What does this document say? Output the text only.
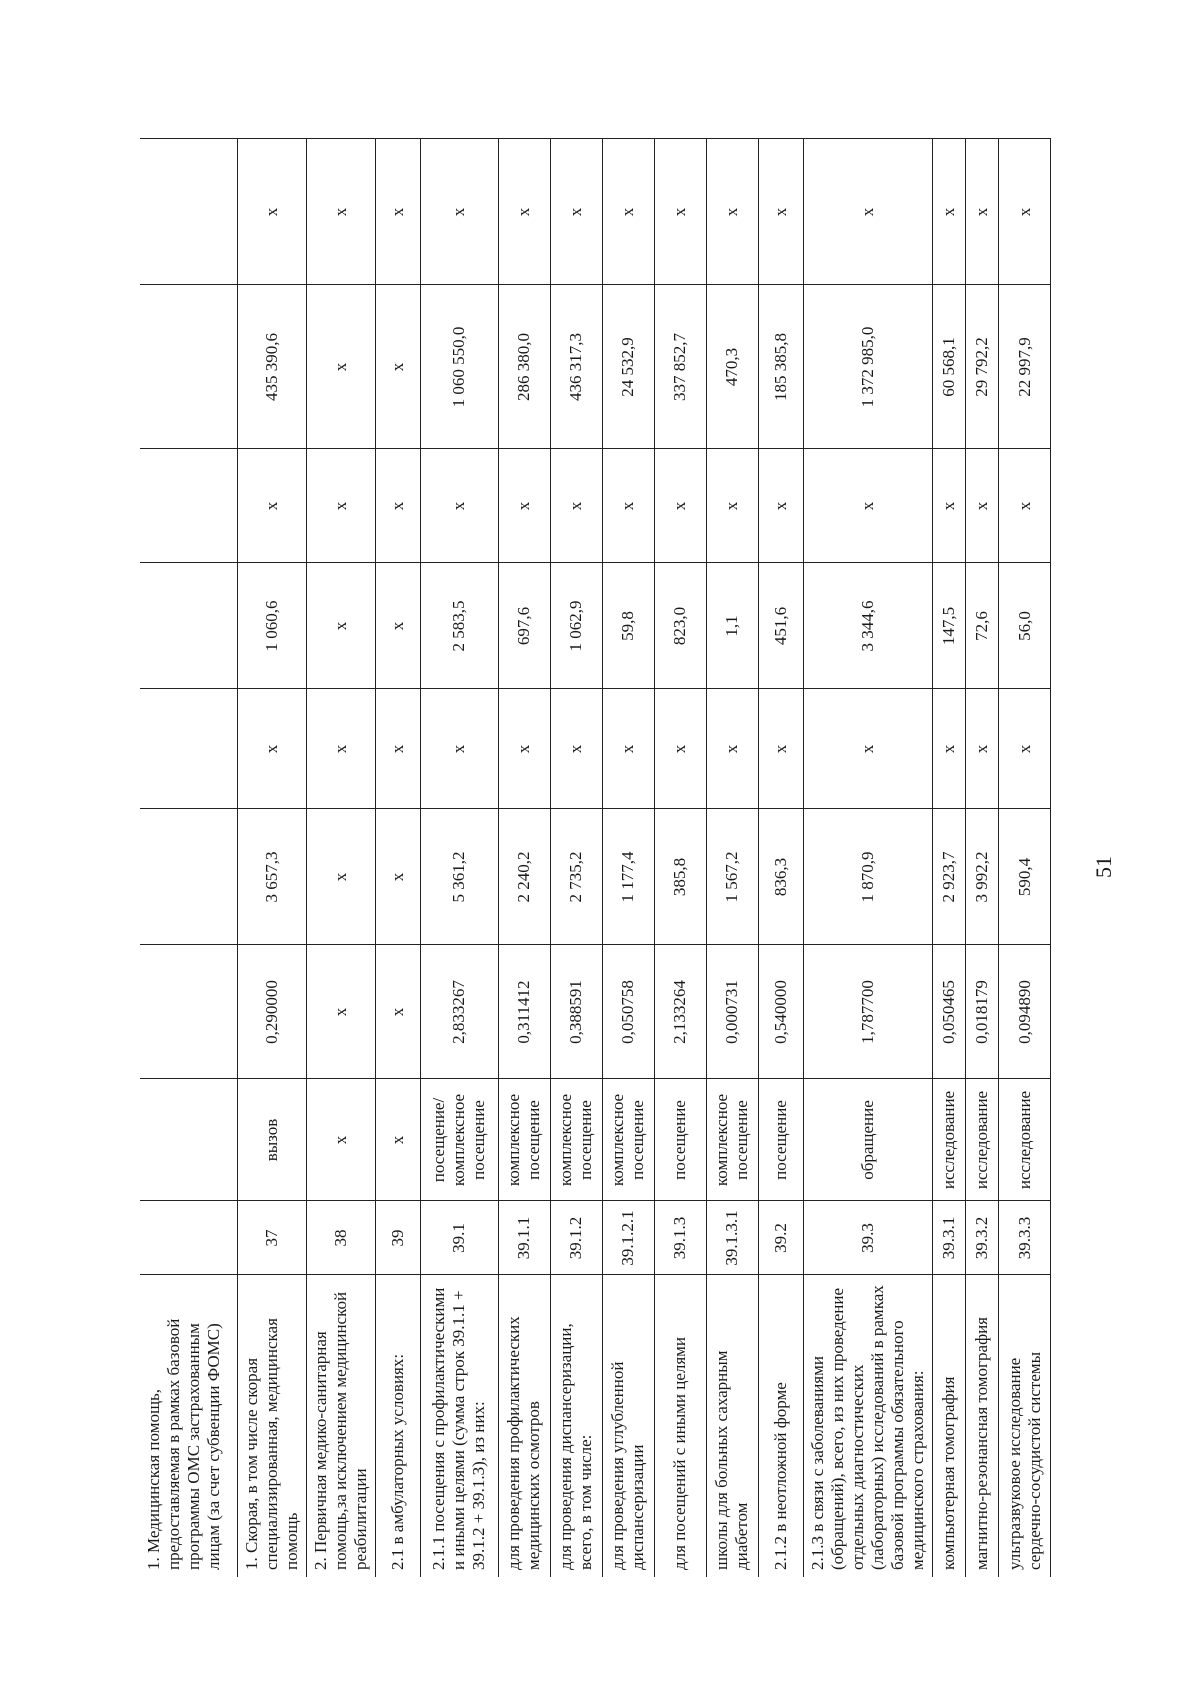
1. Медицинская помощь, предоставляемая в рамках базовой программы ОМС застрахованным лицам (за счет субвенции ФОМС)									
1. Скорая, в том числе скорая специализированная, медицинская помощь	37	вызов	0,290000	3 657,3	х	1 060,6	х	435 390,6	х
2. Первичная медико-санитарная помощь,за исключением медицинской реабилитации	38	х	х	х	х	х	х	х	х
2.1 в амбулаторных условиях:	39	х	х	х	х	х	х	х	х
2.1.1 посещения с профилактическими и иными целями (сумма строк 39.1.1 + 39.1.2 + 39.1.3), из них:	39.1	посещение/ комплексное посещение	2,833267	5 361,2	х	2 583,5	х	1 060 550,0	х
для проведения профилактических медицинских осмотров	39.1.1	комплексное посещение	0,311412	2 240,2	х	697,6	х	286 380,0	х
для проведения диспансеризации, всего, в том числе:	39.1.2	комплексное посещение	0,388591	2 735,2	х	1 062,9	х	436 317,3	х
для проведения углубленной диспансеризации	39.1.2.1	комплексное посещение	0,050758	1 177,4	х	59,8	х	24 532,9	х
для посещений с иными целями	39.1.3	посещение	2,133264	385,8	х	823,0	х	337 852,7	х
школы для больных сахарным диабетом	39.1.3.1	комплексное посещение	0,000731	1 567,2	х	1,1	х	470,3	х
2.1.2 в неотложной форме	39.2	посещение	0,540000	836,3	х	451,6	х	185 385,8	х
2.1.3 в связи с заболеваниями (обращений), всего, из них проведение отдельных диагностических (лабораторных) исследований в рамках базовой программы обязательного медицинского страхования:	39.3	обращение	1,787700	1 870,9	х	3 344,6	х	1 372 985,0	х
компьютерная томография	39.3.1	исследование	0,050465	2 923,7	х	147,5	х	60 568,1	х
магнитно-резонансная томография	39.3.2	исследование	0,018179	3 992,2	х	72,6	х	29 792,2	х
ультразвуковое исследование сердечно-сосудистой системы	39.3.3	исследование	0,094890	590,4	х	56,0	х	22 997,9	х
51
